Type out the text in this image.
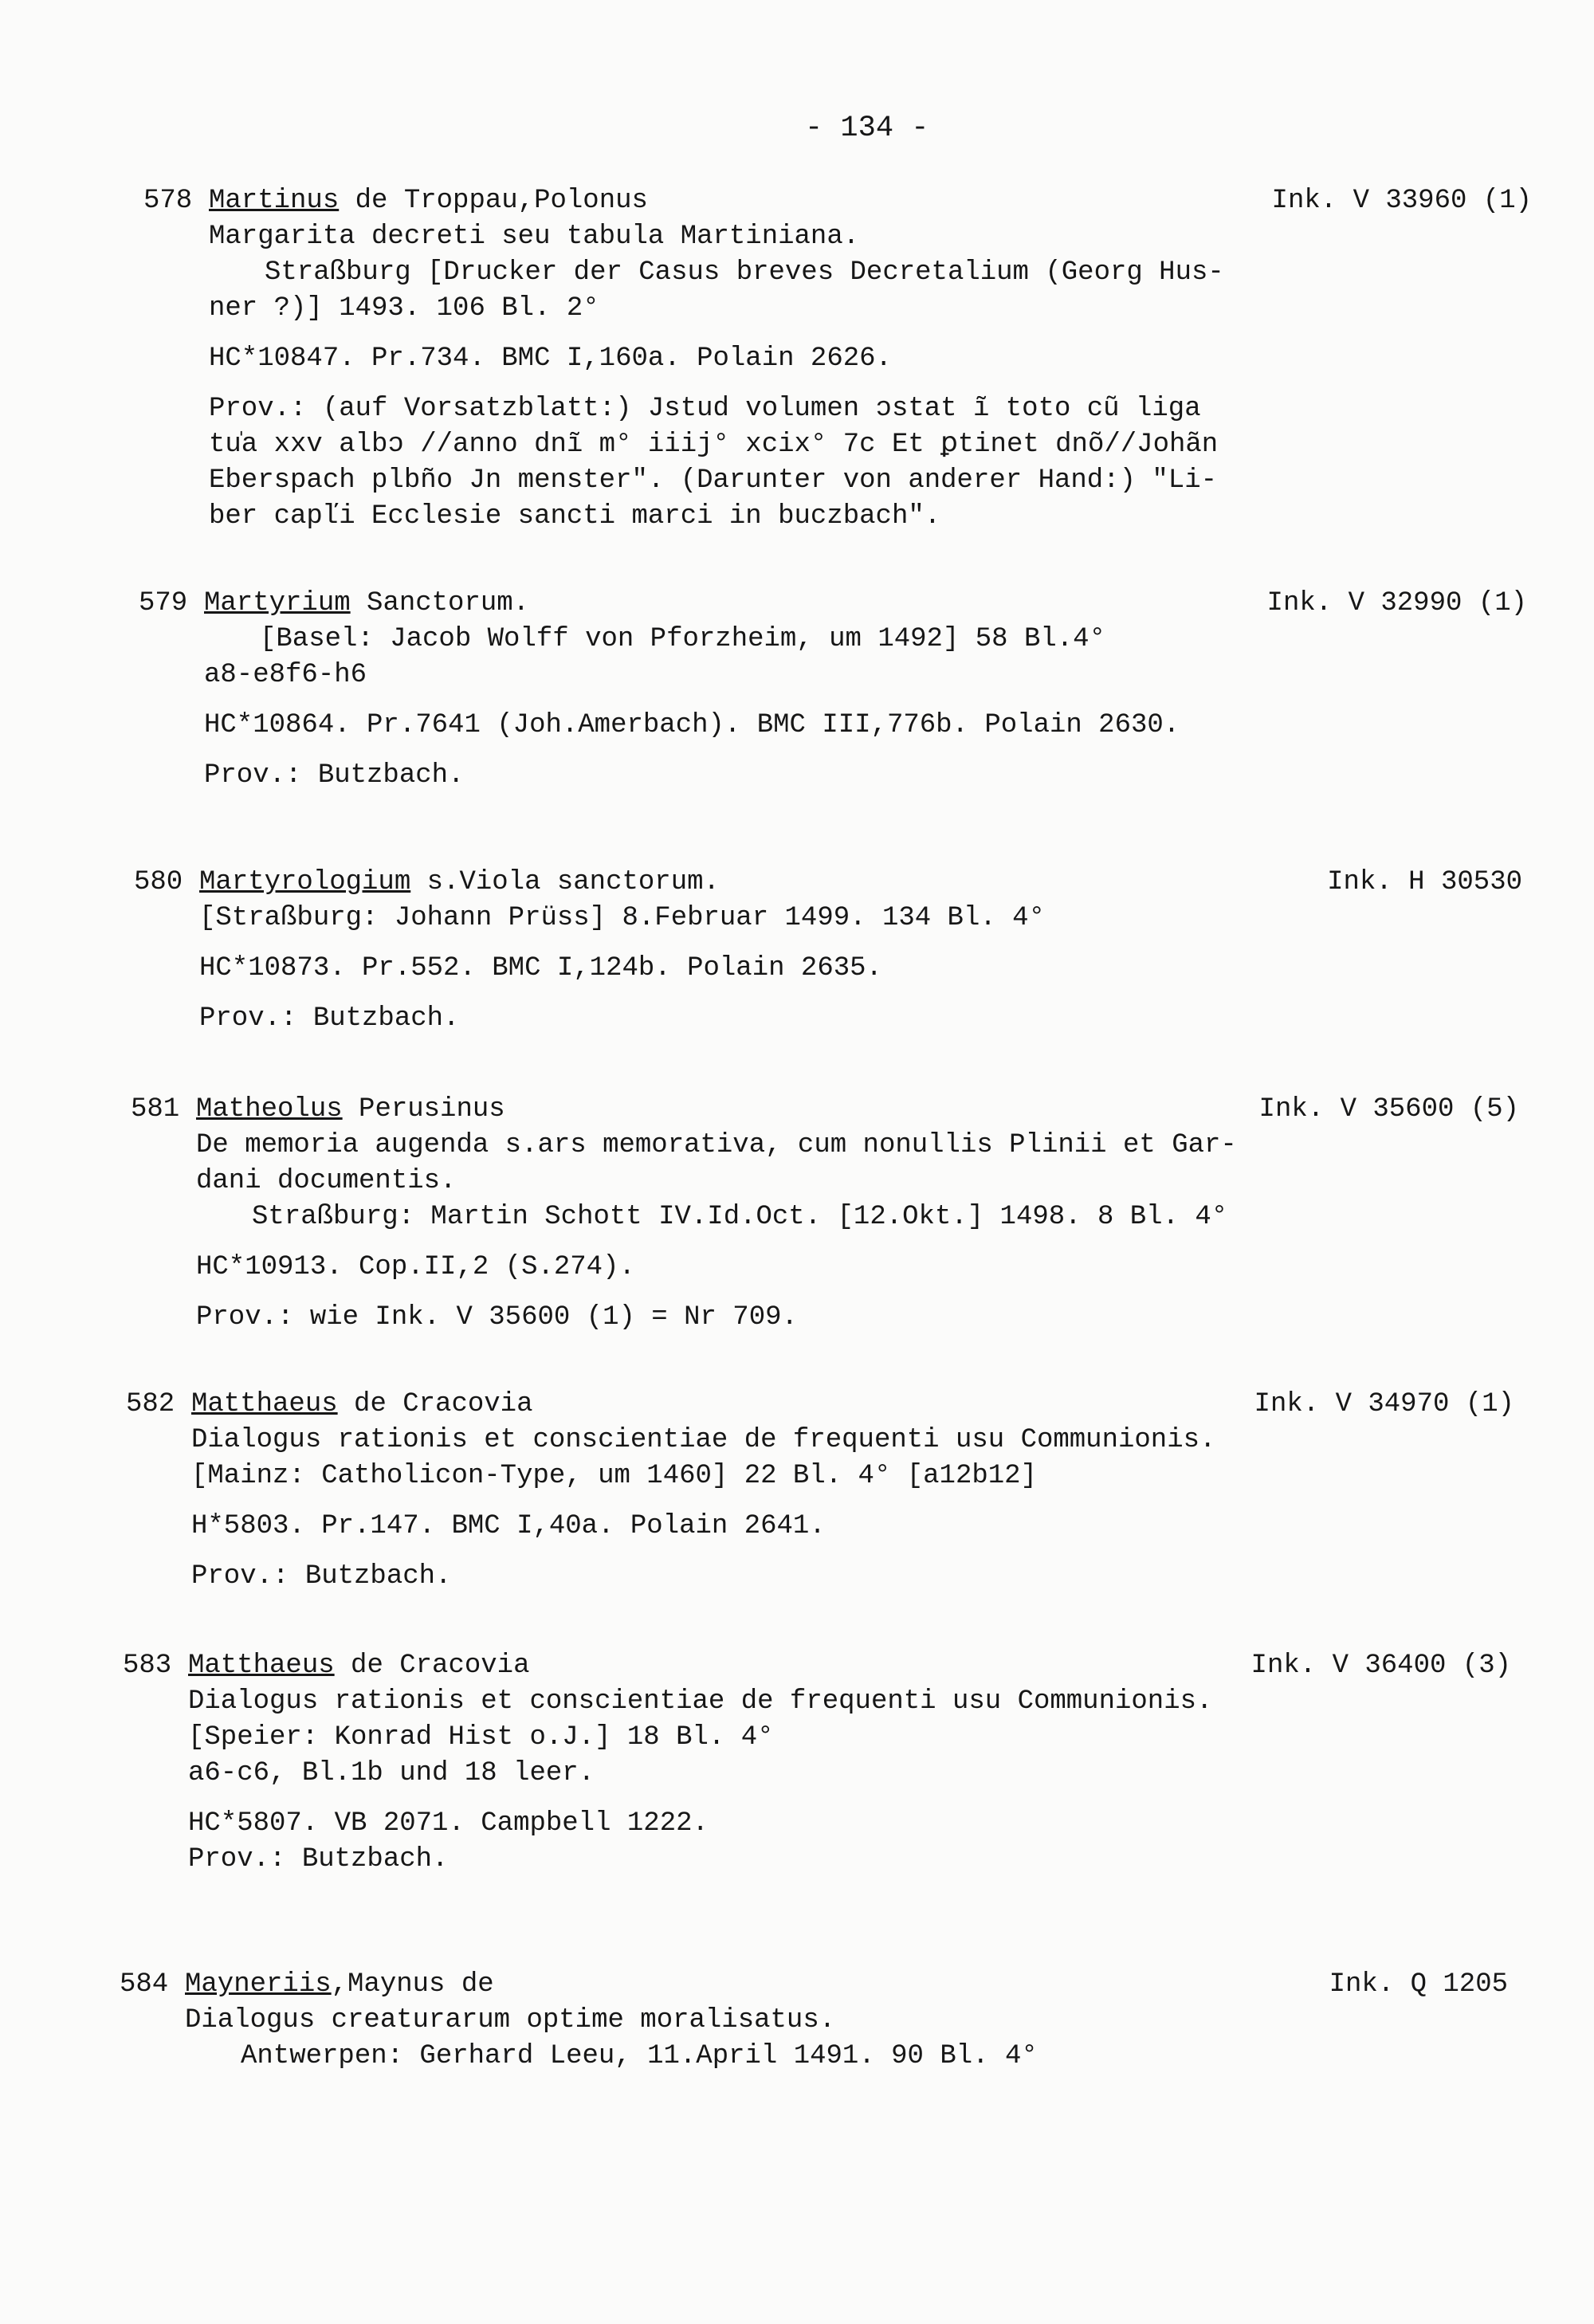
- 134 -
578 Martinus de Troppau,Polonus	Ink. V 33960 (1)
Margarita decreti seu tabula Martiniana.
Straßburg [Drucker der Casus breves Decretalium (Georg Hus-
ner ?)] 1493. 106 Bl. 2°
HC*10847. Pr.734. BMC I,160a. Polain 2626.
Prov.: (auf Vorsatzblatt:) Jstud volumen ɔstat ĩ toto cũ liga
tu̍a xxv albɔ //anno dnĩ m° iiij° xcix° 7c Et ꝑtinet dnõ//Johãn
Eberspach plbño Jn menster". (Darunter von anderer Hand:) "Li-
ber capľi Ecclesie sancti marci in buczbach".
579 Martyrium Sanctorum.	Ink. V 32990 (1)
[Basel: Jacob Wolff von Pforzheim, um 1492] 58 Bl.4°
a8-e8f6-h6
HC*10864. Pr.7641 (Joh.Amerbach). BMC III,776b. Polain 2630.
Prov.: Butzbach.
580 Martyrologium s.Viola sanctorum.	Ink. H 30530
[Straßburg: Johann Prüss] 8.Februar 1499. 134 Bl. 4°
HC*10873. Pr.552. BMC I,124b. Polain 2635.
Prov.: Butzbach.
581 Matheolus Perusinus	Ink. V 35600 (5)
De memoria augenda s.ars memorativa, cum nonullis Plinii et Gar-
dani documentis.
Straßburg: Martin Schott IV.Id.Oct. [12.Okt.] 1498. 8 Bl. 4°
HC*10913. Cop.II,2 (S.274).
Prov.: wie Ink. V 35600 (1) = Nr 709.
582 Matthaeus de Cracovia	Ink. V 34970 (1)
Dialogus rationis et conscientiae de frequenti usu Communionis.
[Mainz: Catholicon-Type, um 1460] 22 Bl. 4° [a12b12]
H*5803. Pr.147. BMC I,40a. Polain 2641.
Prov.: Butzbach.
583 Matthaeus de Cracovia	Ink. V 36400 (3)
Dialogus rationis et conscientiae de frequenti usu Communionis.
[Speier: Konrad Hist o.J.] 18 Bl. 4°
a6-c6, Bl.1b und 18 leer.
HC*5807. VB 2071. Campbell 1222.
Prov.: Butzbach.
584 Mayneriis,Maynus de	Ink. Q 1205
Dialogus creaturarum optime moralisatus.
Antwerpen: Gerhard Leeu, 11.April 1491. 90 Bl. 4°
